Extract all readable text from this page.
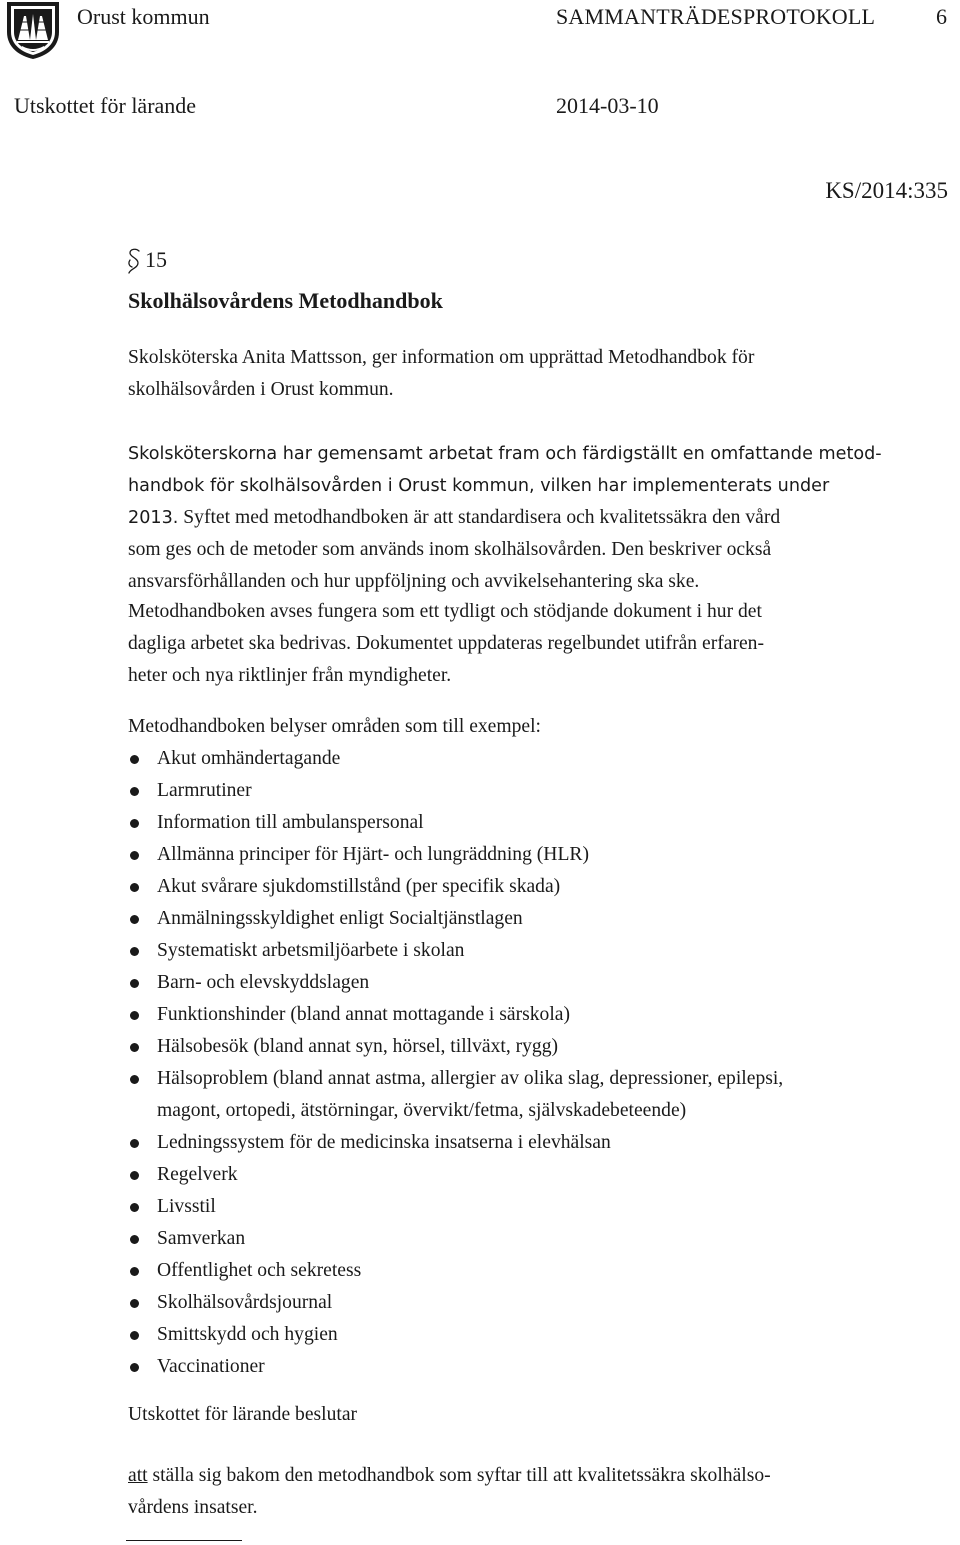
Orust kommun	SAMMANTRÄDESPROTOKOLL	6
Utskottet för lärande	2014-03-10
KS/2014:335
15
Skolhälsovårdens Metodhandbok
Skolsköterska Anita Mattsson, ger information om upprättad Metodhandbok för
skolhälsovården i Orust kommun.
Skolsköterskorna har gemensamt arbetat fram och färdigställt en omfattande metod-
handbok för skolhälsovården i Orust kommun, vilken har implementerats under
2013. Syftet med metodhandboken är att standardisera och kvalitetssäkra den vård
som ges och de metoder som används inom skolhälsovården. Den beskriver också
ansvarsförhållanden och hur uppföljning och avvikelsehantering ska ske.
Metodhandboken avses fungera som ett tydligt och stödjande dokument i hur det
dagliga arbetet ska bedrivas. Dokumentet uppdateras regelbundet utifrån erfaren-
heter och nya riktlinjer från myndigheter.
Metodhandboken belyser områden som till exempel:
Akut omhändertagande
Larmrutiner
Information till ambulanspersonal
Allmänna principer för Hjärt- och lungräddning (HLR)
Akut svårare sjukdomstillstånd (per specifik skada)
Anmälningsskyldighet enligt Socialtjänstlagen
Systematiskt arbetsmiljöarbete i skolan
Barn- och elevskyddslagen
Funktionshinder (bland annat mottagande i särskola)
Hälsobesök (bland annat syn, hörsel, tillväxt, rygg)
Hälsoproblem (bland annat astma, allergier av olika slag, depressioner, epilepsi,
magont, ortopedi, ätstörningar, övervikt/fetma, självskadebeteende)
Ledningssystem för de medicinska insatserna i elevhälsan
Regelverk
Livsstil
Samverkan
Offentlighet och sekretess
Skolhälsovårdsjournal
Smittskydd och hygien
Vaccinationer
Utskottet för lärande beslutar
att ställa sig bakom den metodhandbok som syftar till att kvalitetssäkra skolhälso-
vårdens insatser.
